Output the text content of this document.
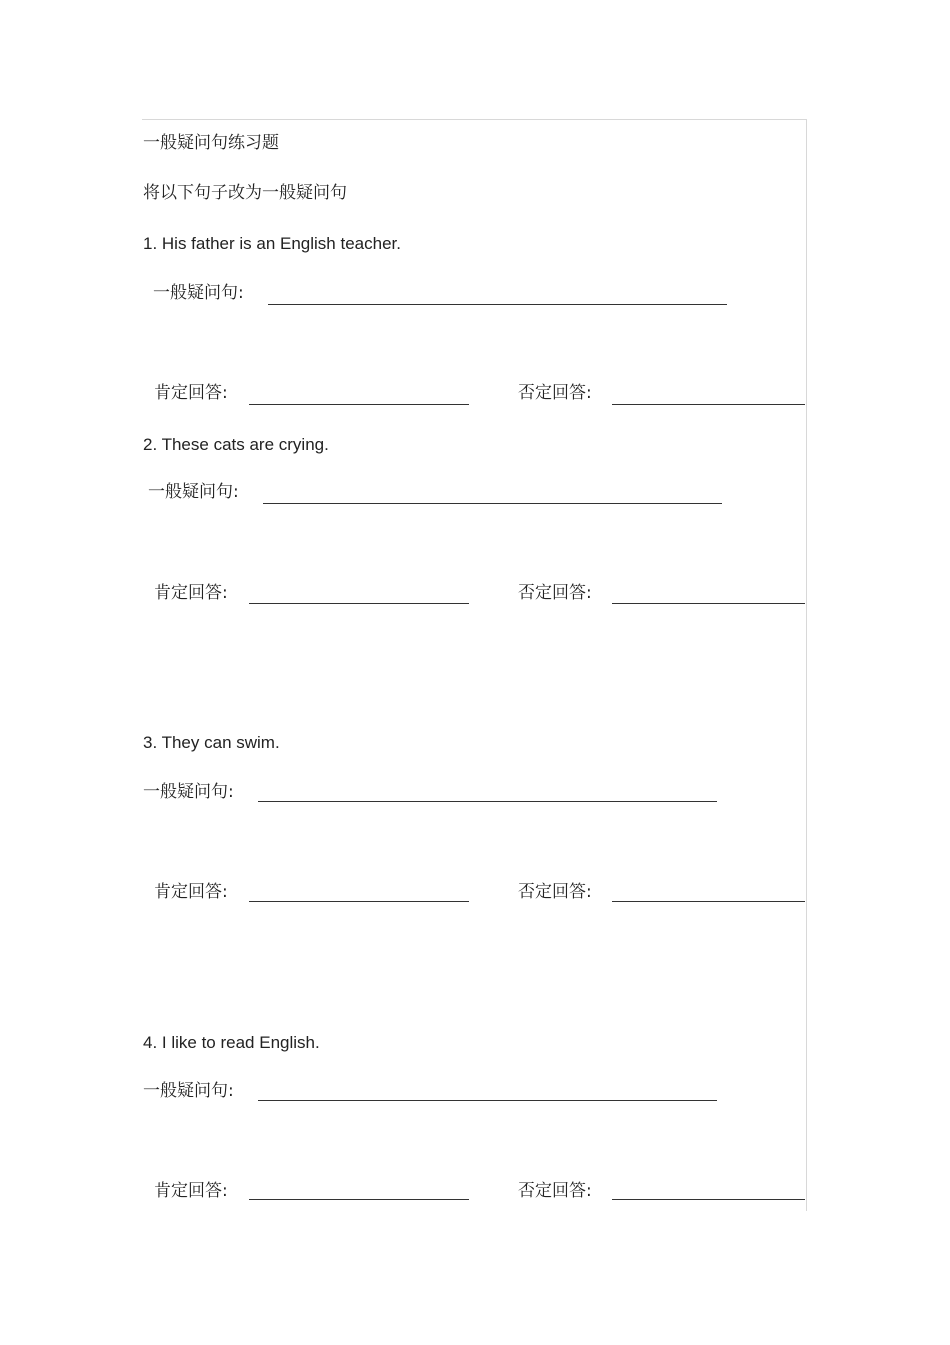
一般疑问句练习题
将以下句子改为一般疑问句
1. His father is an English teacher.
一般疑问句:
肯定回答:	否定回答:
2. These cats are crying.
一般疑问句:
肯定回答:	否定回答:
3. They can swim.
一般疑问句:
肯定回答:	否定回答:
4. I like to read English.
一般疑问句:
肯定回答:	否定回答:
